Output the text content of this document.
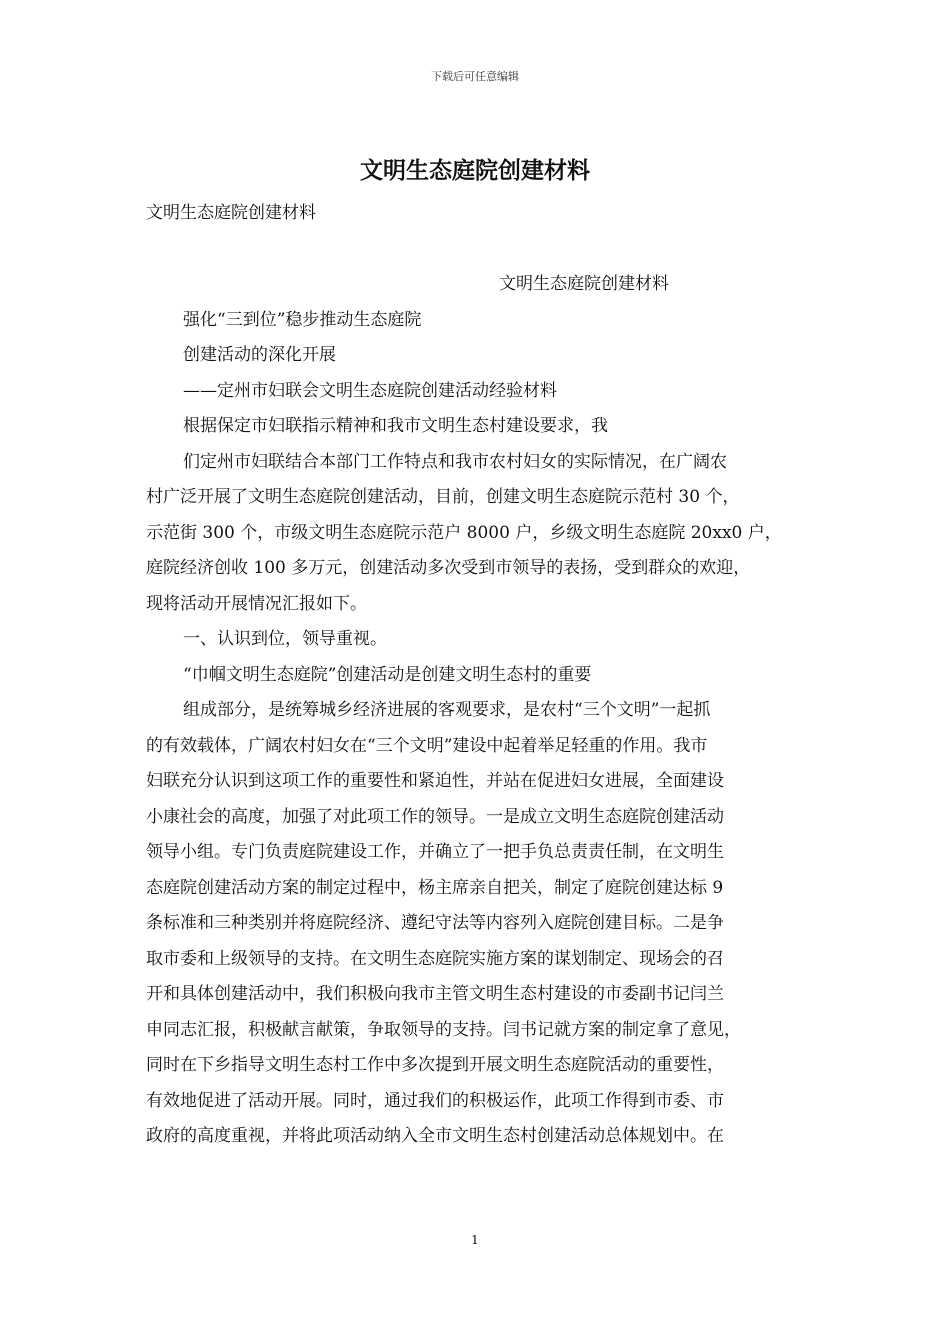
下载后可任意编辑
文明生态庭院创建材料

文明生态庭院创建材料

文明生态庭院创建材料

强化“三到位”稳步推动生态庭院

创建活动的深化开展

——定州市妇联会文明生态庭院创建活动经验材料

根据保定市妇联指示精神和我市文明生态村建设要求，我

们定州市妇联结合本部门工作特点和我市农村妇女的实际情况，在广阔农

村广泛开展了文明生态庭院创建活动，目前，创建文明生态庭院示范村 30 个，

示范街 300 个，市级文明生态庭院示范户 8000 户，乡级文明生态庭院 20xx0 户，

庭院经济创收 100 多万元，创建活动多次受到市领导的表扬，受到群众的欢迎，

现将活动开展情况汇报如下。

一、认识到位，领导重视。

“巾帼文明生态庭院”创建活动是创建文明生态村的重要

组成部分，是统筹城乡经济进展的客观要求，是农村“三个文明”一起抓

的有效载体，广阔农村妇女在“三个文明”建设中起着举足轻重的作用。我市

妇联充分认识到这项工作的重要性和紧迫性，并站在促进妇女进展，全面建设

小康社会的高度，加强了对此项工作的领导。一是成立文明生态庭院创建活动

领导小组。专门负责庭院建设工作，并确立了一把手负总责责任制，在文明生

态庭院创建活动方案的制定过程中，杨主席亲自把关，制定了庭院创建达标 9

条标准和三种类别并将庭院经济、遵纪守法等内容列入庭院创建目标。二是争

取市委和上级领导的支持。在文明生态庭院实施方案的谋划制定、现场会的召

开和具体创建活动中，我们积极向我市主管文明生态村建设的市委副书记闫兰

申同志汇报，积极献言献策，争取领导的支持。闫书记就方案的制定拿了意见，

同时在下乡指导文明生态村工作中多次提到开展文明生态庭院活动的重要性，

有效地促进了活动开展。同时，通过我们的积极运作，此项工作得到市委、市

政府的高度重视，并将此项活动纳入全市文明生态村创建活动总体规划中。在

1
